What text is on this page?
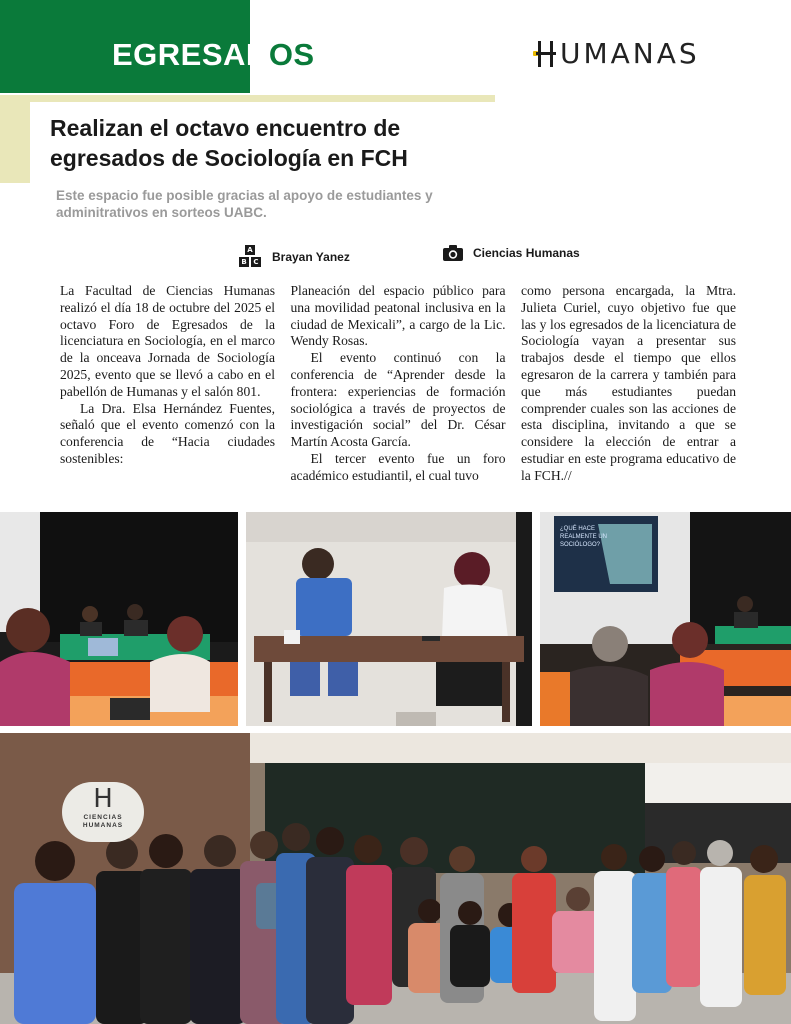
EGRESADOS	UMANAS
Realizan el octavo encuentro de
egresados de Sociología en FCH

Este espacio fue posible gracias al apoyo de estudiantes y adminitrativos en sorteos UABC.

A
B C Brayan Yanez	Ciencias Humanas

La Facultad de Ciencias Humanas realizó el día 18 de octubre del 2025 el octavo Foro de Egresados de la licenciatura en Sociología, en el marco de la onceava Jornada de Sociología 2025, evento que se llevó a cabo en el pabellón de Humanas y el salón 801.

La Dra. Elsa Hernández Fuentes, señaló que el evento comenzó con la conferencia de “Hacia ciudades sostenibles:

Planeación del espacio público para una movilidad peatonal inclusiva en la ciudad de Mexicali”, a cargo de la Lic. Wendy Rosas.

El evento continuó con la conferencia de “Aprender desde la frontera: experiencias de formación sociológica a través de proyectos de investigación social” del Dr. César Martín Acosta García.

El tercer evento fue un foro académico estudiantil, el cual tuvo

como persona encargada, la Mtra. Julieta Curiel, cuyo objetivo fue que las y los egresados de la licenciatura de Sociología vayan a presentar sus trabajos desde el tiempo que ellos egresaron de la carrera y también para que más estudiantes puedan comprender cuales son las acciones de esta disciplina, invitando a que se considere la elección de entrar a estudiar en este programa educativo de la FCH.//

¿QUÉ HACE
REALMENTE UN
SOCIÓLOGO?
H
CIENCIAS HUMANAS
